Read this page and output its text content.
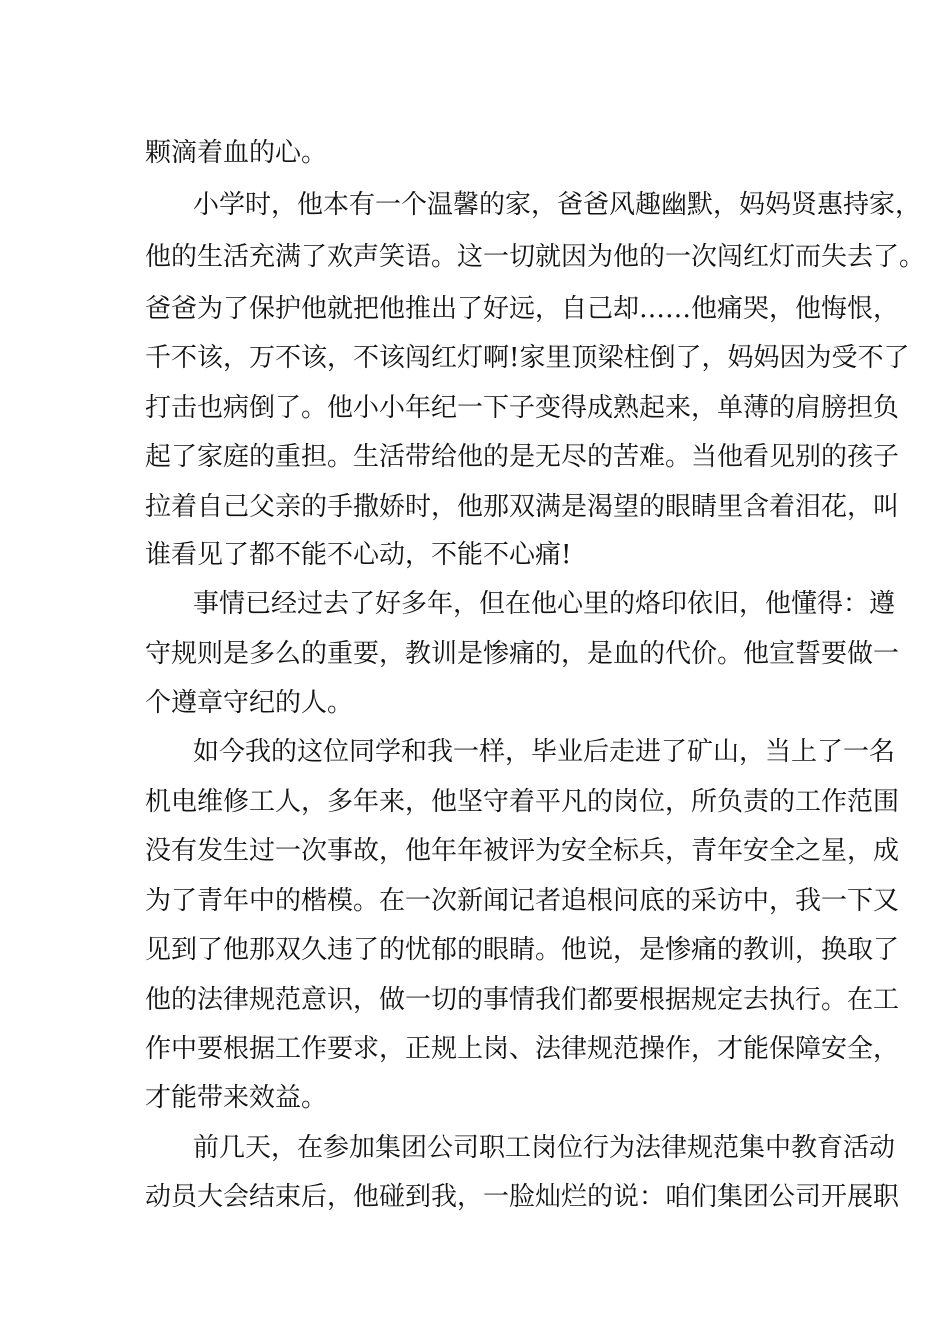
颗滴着血的心。
小学时，他本有一个温馨的家，爸爸风趣幽默，妈妈贤惠持家，
他的生活充满了欢声笑语。这一切就因为他的一次闯红灯而失去了。
爸爸为了保护他就把他推出了好远，自己却……他痛哭，他悔恨，
千不该，万不该，不该闯红灯啊!家里顶梁柱倒了，妈妈因为受不了
打击也病倒了。他小小年纪一下子变得成熟起来，单薄的肩膀担负
起了家庭的重担。生活带给他的是无尽的苦难。当他看见别的孩子
拉着自己父亲的手撒娇时，他那双满是渴望的眼睛里含着泪花，叫
谁看见了都不能不心动，不能不心痛!
事情已经过去了好多年，但在他心里的烙印依旧，他懂得：遵
守规则是多么的重要，教训是惨痛的，是血的代价。他宣誓要做一
个遵章守纪的人。
如今我的这位同学和我一样，毕业后走进了矿山，当上了一名
机电维修工人，多年来，他坚守着平凡的岗位，所负责的工作范围
没有发生过一次事故，他年年被评为安全标兵，青年安全之星，成
为了青年中的楷模。在一次新闻记者追根问底的采访中，我一下又
见到了他那双久违了的忧郁的眼睛。他说，是惨痛的教训，换取了
他的法律规范意识，做一切的事情我们都要根据规定去执行。在工
作中要根据工作要求，正规上岗、法律规范操作，才能保障安全，
才能带来效益。
前几天，在参加集团公司职工岗位行为法律规范集中教育活动
动员大会结束后，他碰到我，一脸灿烂的说：咱们集团公司开展职
